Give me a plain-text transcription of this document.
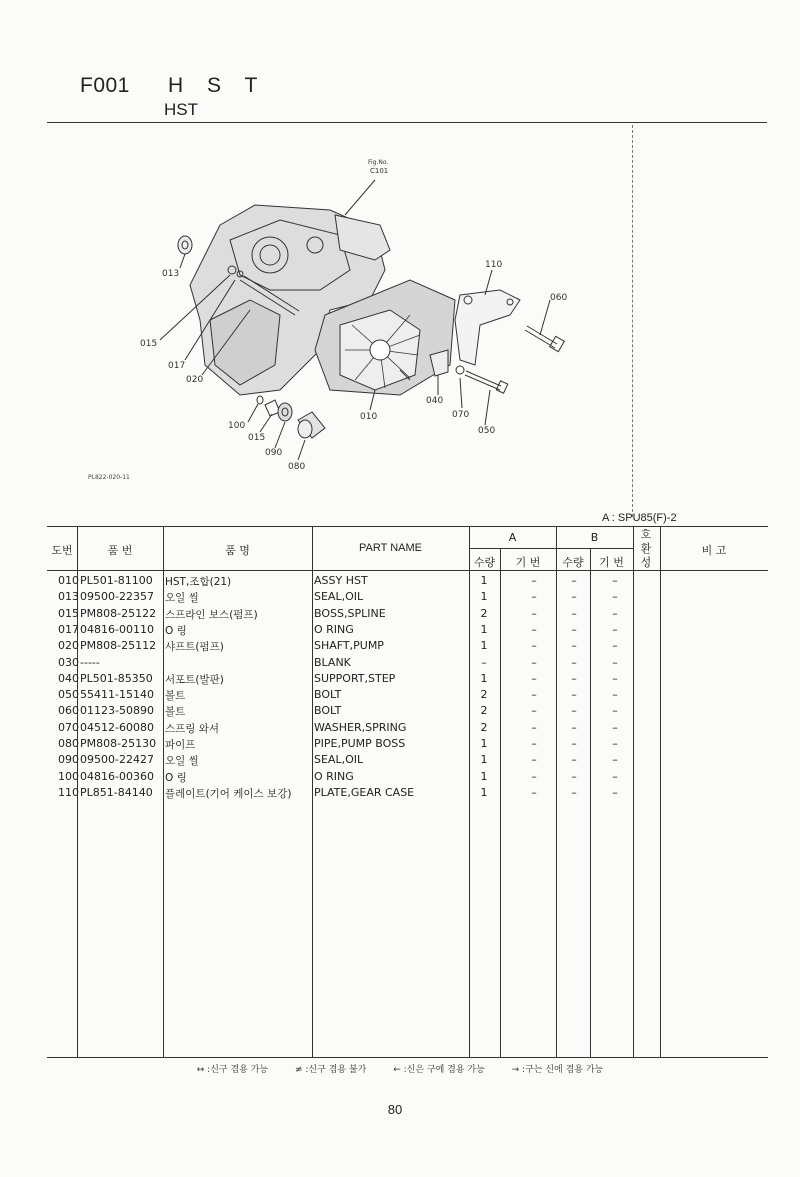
F001 H S T
HST
Fig.No.
C101
013
015
017
020
110
060
040
070
050
010
100
015
090
080
PL822-020-11
A : SPU85(F)-2
도번	품 번	품 명	PART NAME
A	B
수량	기 번	수량	기 번
호 환 성
비 고
010 PL501-81100	HST,조합(21)	ASSY HST	1	–	–	–
013 09500-22357	오일 씰	SEAL,OIL	1	–	–	–
015 PM808-25122 스프라인 보스(펌프)	BOSS,SPLINE	2	–	–	–
017 04816-00110	O 링	O RING	1	–	–	–
020 PM808-25112 샤프트(펌프)	SHAFT,PUMP	1	–	–	–
030 -----	BLANK	–	–	–	–
040 PL501-85350	서포트(발판)	SUPPORT,STEP	1	–	–	–
050 55411-15140	볼트	BOLT	2	–	–	–
060 01123-50890	볼트	BOLT	2	–	–	–
070 04512-60080	스프링 와셔	WASHER,SPRING	2	–	–	–
080 PM808-25130 파이프	PIPE,PUMP BOSS	1	–	–	–
090 09500-22427	오일 씰	SEAL,OIL	1	–	–	–
100 04816-00360	O 링	O RING	1	–	–	–
110 PL851-84140	플레이트(기어 케이스 보강)	PLATE,GEAR CASE	1	–	–	–
↔ :신구 겸용 가능	≠ :신구 겸용 불가	← :신은 구에 겸용 가능	→ :구는 신에 겸용 가능
80
